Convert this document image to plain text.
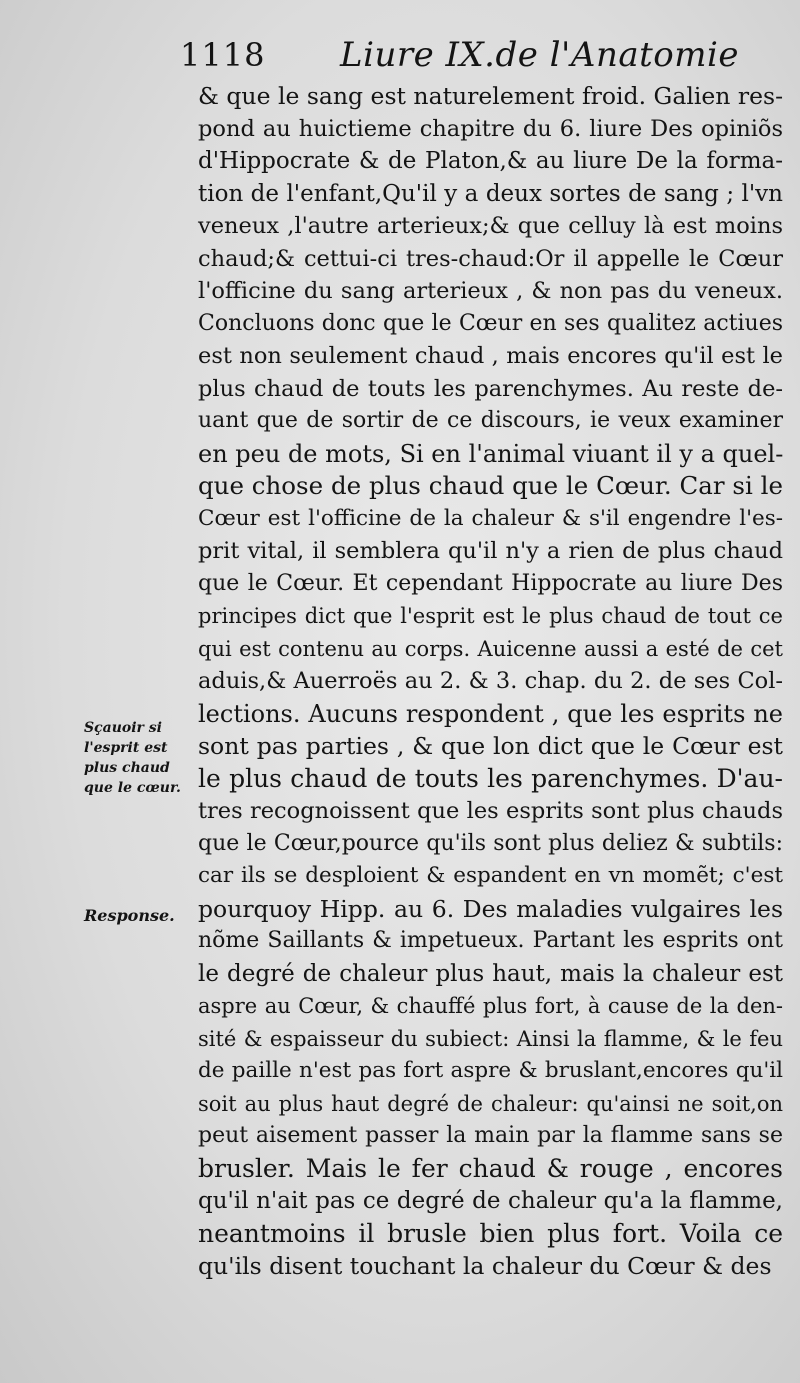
1118 Liure IX.de l'Anatomie
& que le sang est naturelement froid. Galien res-
pond au huictieme chapitre du 6. liure Des opiniõs
d'Hippocrate & de Platon,& au liure De la forma-
tion de l'enfant,Qu'il y a deux sortes de sang ; l'vn
veneux ,l'autre arterieux;& que celluy là est moins
chaud;& cettui-ci tres-chaud:Or il appelle le Cœur
l'officine du sang arterieux , & non pas du veneux.
Concluons donc que le Cœur en ses qualitez actiues
est non seulement chaud , mais encores qu'il est le
plus chaud de touts les parenchymes. Au reste de-
uant que de sortir de ce discours, ie veux examiner
en peu de mots, Si en l'animal viuant il y a quel-
que chose de plus chaud que le Cœur. Car si le
Cœur est l'officine de la chaleur & s'il engendre l'es-
prit vital, il semblera qu'il n'y a rien de plus chaud
que le Cœur. Et cependant Hippocrate au liure Des
principes dict que l'esprit est le plus chaud de tout ce
qui est contenu au corps. Auicenne aussi a esté de cet
aduis,& Auerroës au 2. & 3. chap. du 2. de ses Col-
lections. Aucuns respondent , que les esprits ne
sont pas parties , & que lon dict que le Cœur est
le plus chaud de touts les parenchymes. D'au-
tres recognoissent que les esprits sont plus chauds
que le Cœur,pource qu'ils sont plus deliez & subtils:
car ils se desploient & espandent en vn momẽt; c'est
pourquoy Hipp. au 6. Des maladies vulgaires les
nõme Saillants & impetueux. Partant les esprits ont
le degré de chaleur plus haut, mais la chaleur est
aspre au Cœur, & chauffé plus fort, à cause de la den-
sité & espaisseur du subiect: Ainsi la flamme, & le feu
de paille n'est pas fort aspre & bruslant,encores qu'il
soit au plus haut degré de chaleur: qu'ainsi ne soit,on
peut aisement passer la main par la flamme sans se
brusler. Mais le fer chaud & rouge , encores
qu'il n'ait pas ce degré de chaleur qu'a la flamme,
neantmoins il brusle bien plus fort. Voila ce
qu'ils disent touchant la chaleur du Cœur & des
Sçauoir si
l'esprit est
plus chaud
que le cœur.
Response.
